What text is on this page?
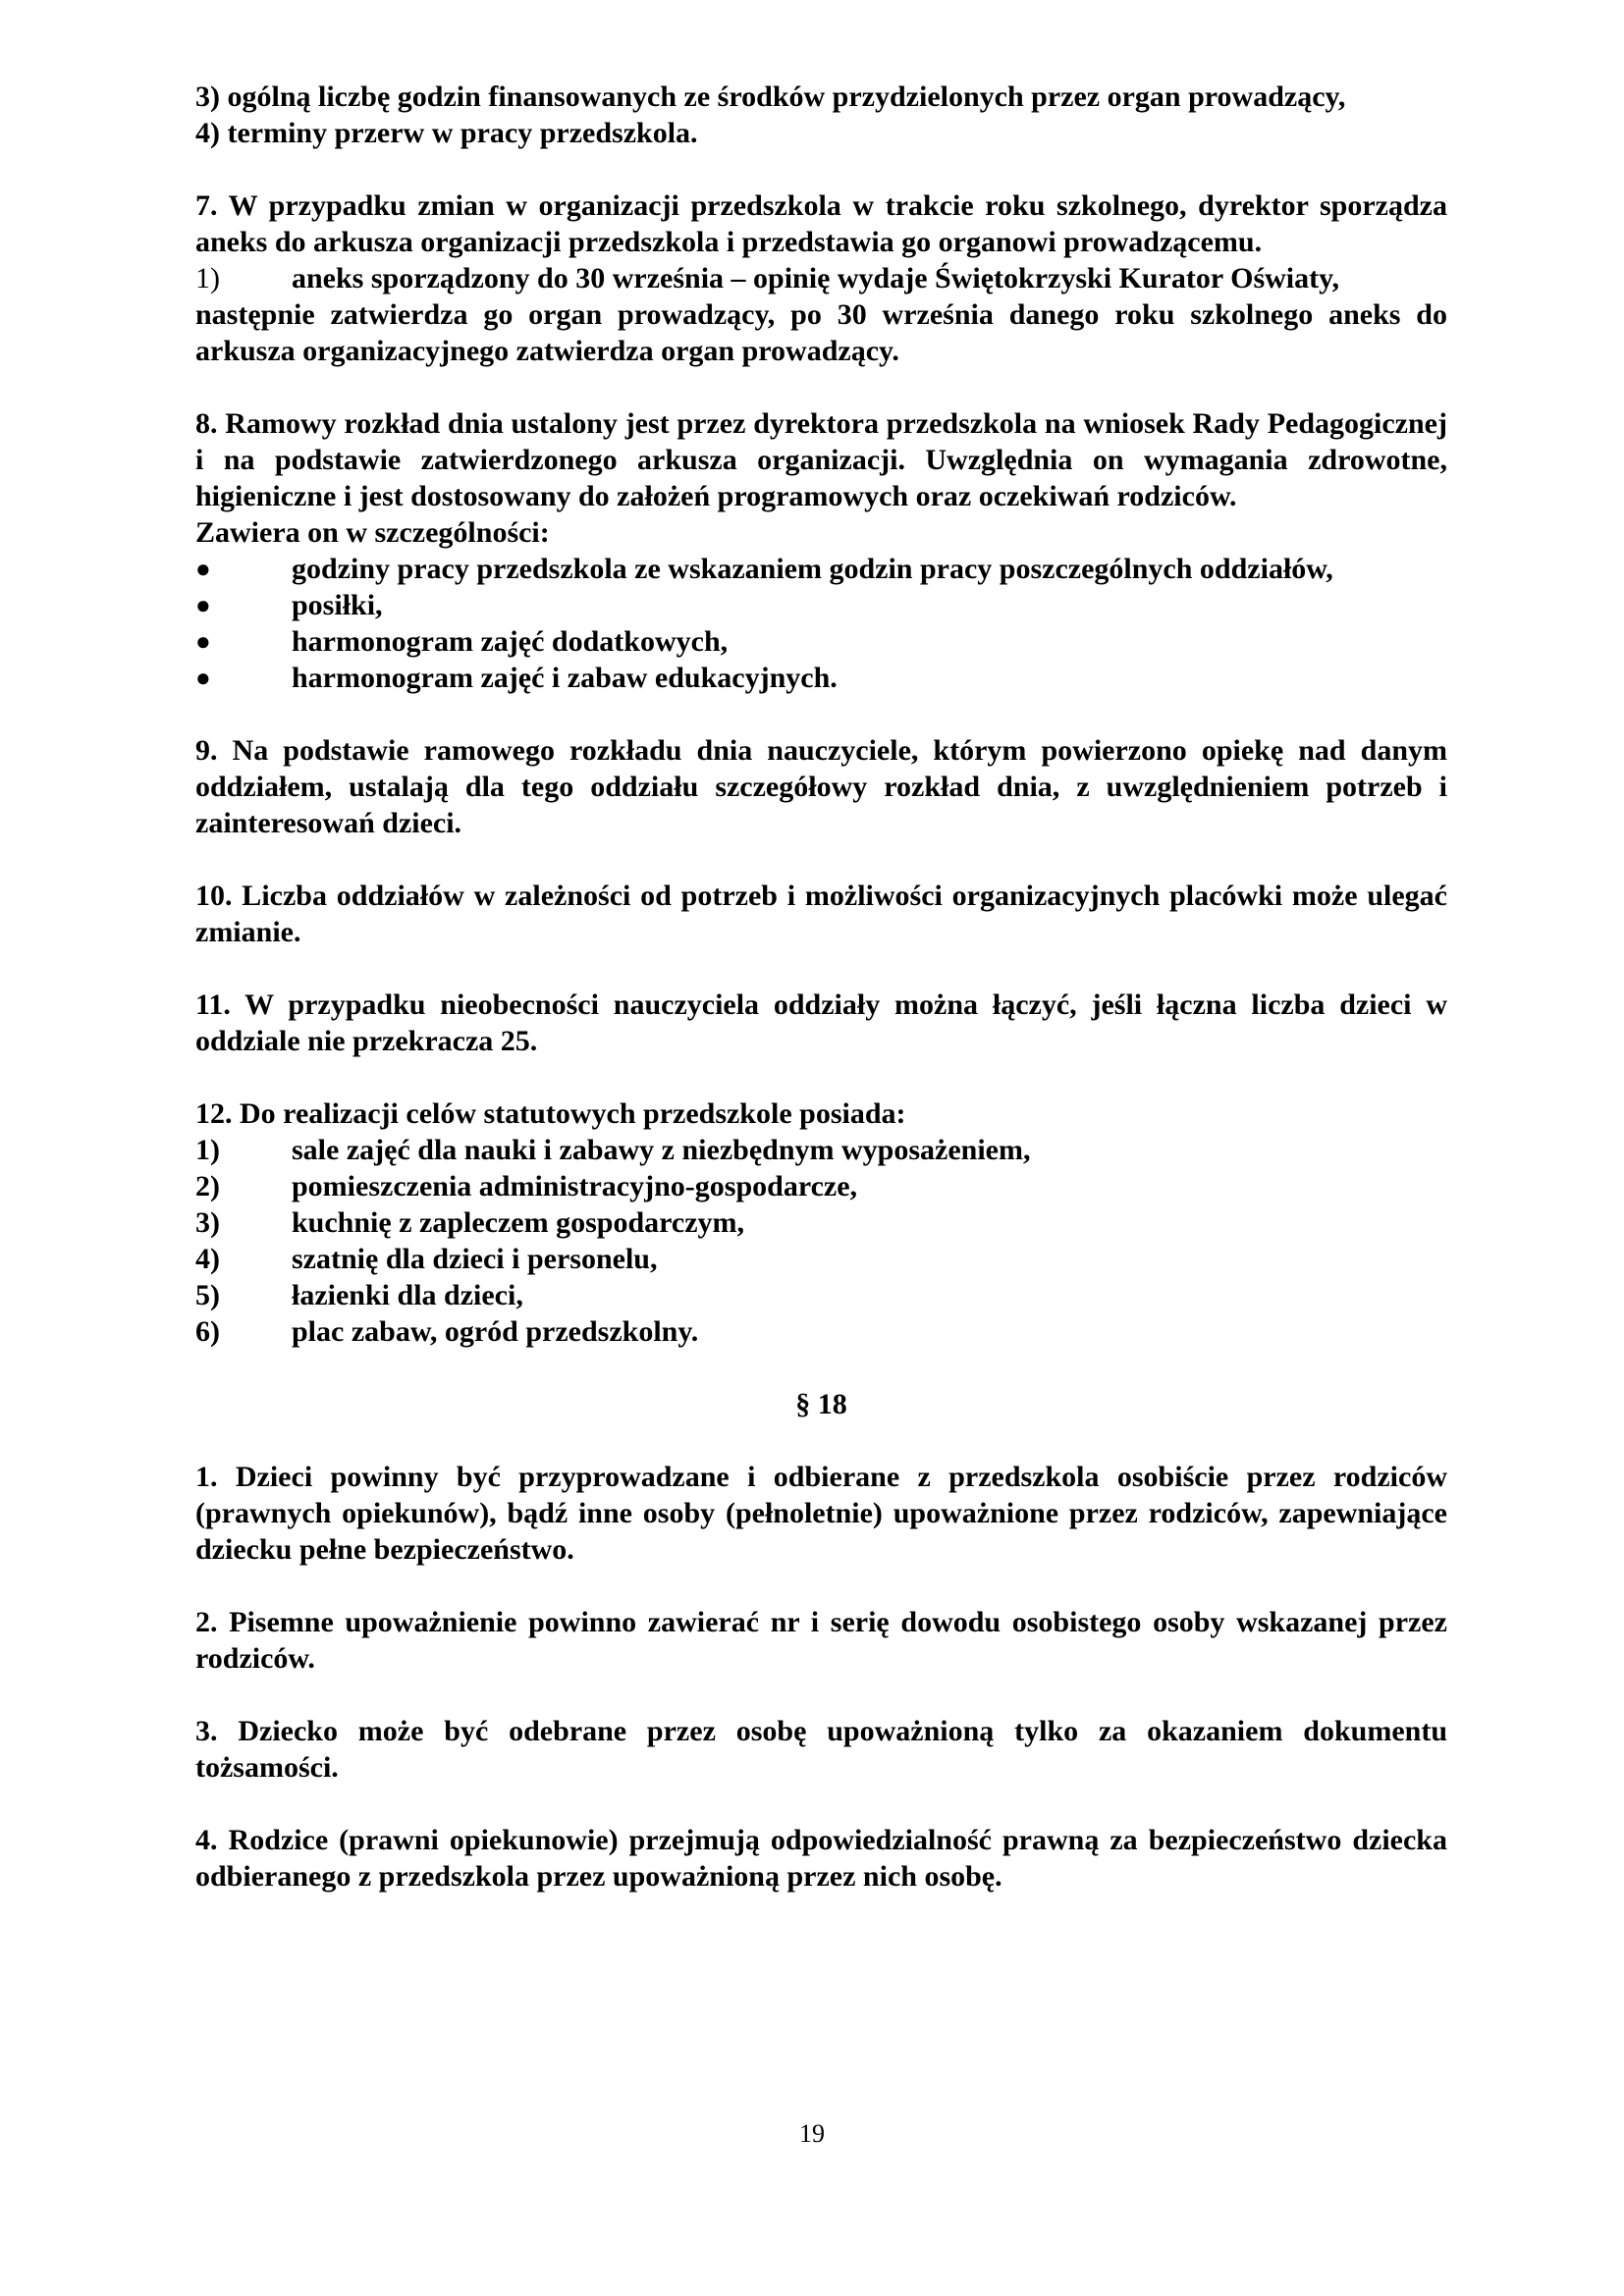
3) ogólną liczbę godzin finansowanych ze środków przydzielonych przez organ prowadzący,

4) terminy przerw w pracy przedszkola.

7. W przypadku zmian w organizacji przedszkola w trakcie roku szkolnego, dyrektor sporządza aneks do arkusza organizacji przedszkola i przedstawia go organowi prowadzącemu.

1)	aneks sporządzony do 30 września – opinię wydaje Świętokrzyski Kurator Oświaty,

następnie zatwierdza go organ prowadzący, po 30 września danego roku szkolnego aneks do arkusza organizacyjnego zatwierdza organ prowadzący.

8. Ramowy rozkład dnia ustalony jest przez dyrektora przedszkola na wniosek Rady Pedagogicznej i na podstawie zatwierdzonego arkusza organizacji. Uwzględnia on wymagania zdrowotne, higieniczne i jest dostosowany do założeń programowych oraz oczekiwań rodziców.

Zawiera on w szczególności:

●	godziny pracy przedszkola ze wskazaniem godzin pracy poszczególnych oddziałów,
●	posiłki,
●	harmonogram zajęć dodatkowych,
●	harmonogram zajęć i zabaw edukacyjnych.

9. Na podstawie ramowego rozkładu dnia nauczyciele, którym powierzono opiekę nad danym oddziałem, ustalają dla tego oddziału szczegółowy rozkład dnia, z uwzględnieniem potrzeb i zainteresowań dzieci.

10. Liczba oddziałów w zależności od potrzeb i możliwości organizacyjnych placówki może ulegać zmianie.

11. W przypadku nieobecności nauczyciela oddziały można łączyć, jeśli łączna liczba dzieci w oddziale nie przekracza 25.

12. Do realizacji celów statutowych przedszkole posiada:

1)	sale zajęć dla nauki i zabawy z niezbędnym wyposażeniem,
2)	pomieszczenia administracyjno-gospodarcze,
3)	kuchnię z zapleczem gospodarczym,
4)	szatnię dla dzieci i personelu,
5)	łazienki dla dzieci,
6)	plac zabaw, ogród przedszkolny.

§ 18

1. Dzieci powinny być przyprowadzane i odbierane z przedszkola osobiście przez rodziców (prawnych opiekunów), bądź inne osoby (pełnoletnie) upoważnione przez rodziców, zapewniające dziecku pełne bezpieczeństwo.

2. Pisemne upoważnienie powinno zawierać nr i serię dowodu osobistego osoby wskazanej przez rodziców.

3. Dziecko może być odebrane przez osobę upoważnioną tylko za okazaniem dokumentu tożsamości.

4. Rodzice (prawni opiekunowie) przejmują odpowiedzialność prawną za bezpieczeństwo dziecka odbieranego z przedszkola przez upoważnioną przez nich osobę.

19
